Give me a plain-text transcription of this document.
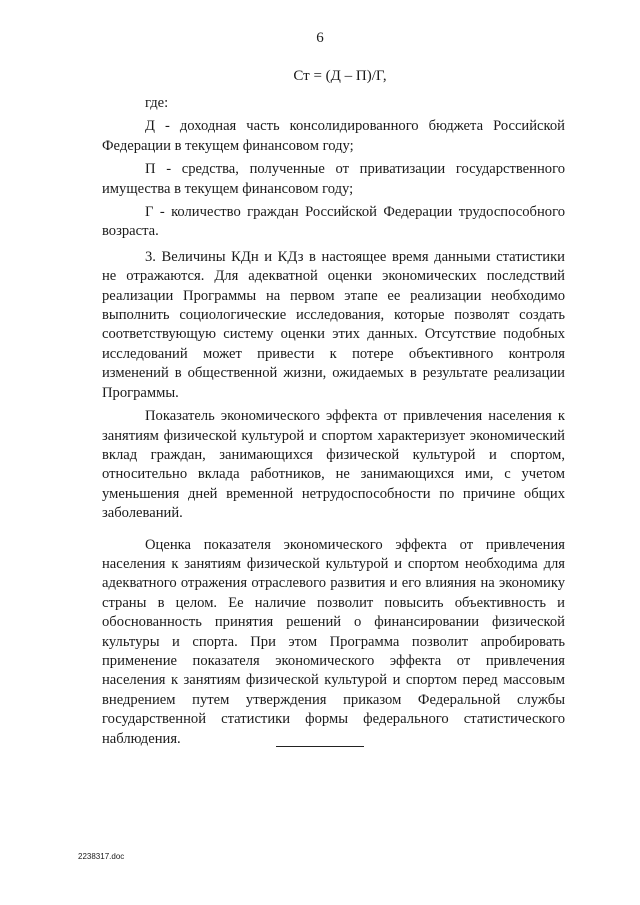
6
Ст = (Д – П)/Г,

где:

Д - доходная часть консолидированного бюджета Российской Федерации в текущем финансовом году;

П - средства, полученные от приватизации государственного имущества в текущем финансовом году;

Г - количество граждан Российской Федерации трудоспособного возраста.

3. Величины КДн и КДз в настоящее время данными статистики не отражаются. Для адекватной оценки экономических последствий реализации Программы на первом этапе ее реализации необходимо выполнить социологические исследования, которые позволят создать соответствующую систему оценки этих данных. Отсутствие подобных исследований может привести к потере объективного контроля изменений в общественной жизни, ожидаемых в результате реализации Программы.

Показатель экономического эффекта от привлечения населения к занятиям физической культурой и спортом характеризует экономический вклад граждан, занимающихся физической культурой и спортом, относительно вклада работников, не занимающихся ими, с учетом уменьшения дней временной нетрудоспособности по причине общих заболеваний.

Оценка показателя экономического эффекта от привлечения населения к занятиям физической культурой и спортом необходима для адекватного отражения отраслевого развития и его влияния на экономику страны в целом. Ее наличие позволит повысить объективность и обоснованность принятия решений о финансировании физической культуры и спорта. При этом Программа позволит апробировать применение показателя экономического эффекта от привлечения населения к занятиям физической культурой и спортом перед массовым внедрением путем утверждения приказом Федеральной службы государственной статистики формы федерального статистического наблюдения.

2238317.doc
